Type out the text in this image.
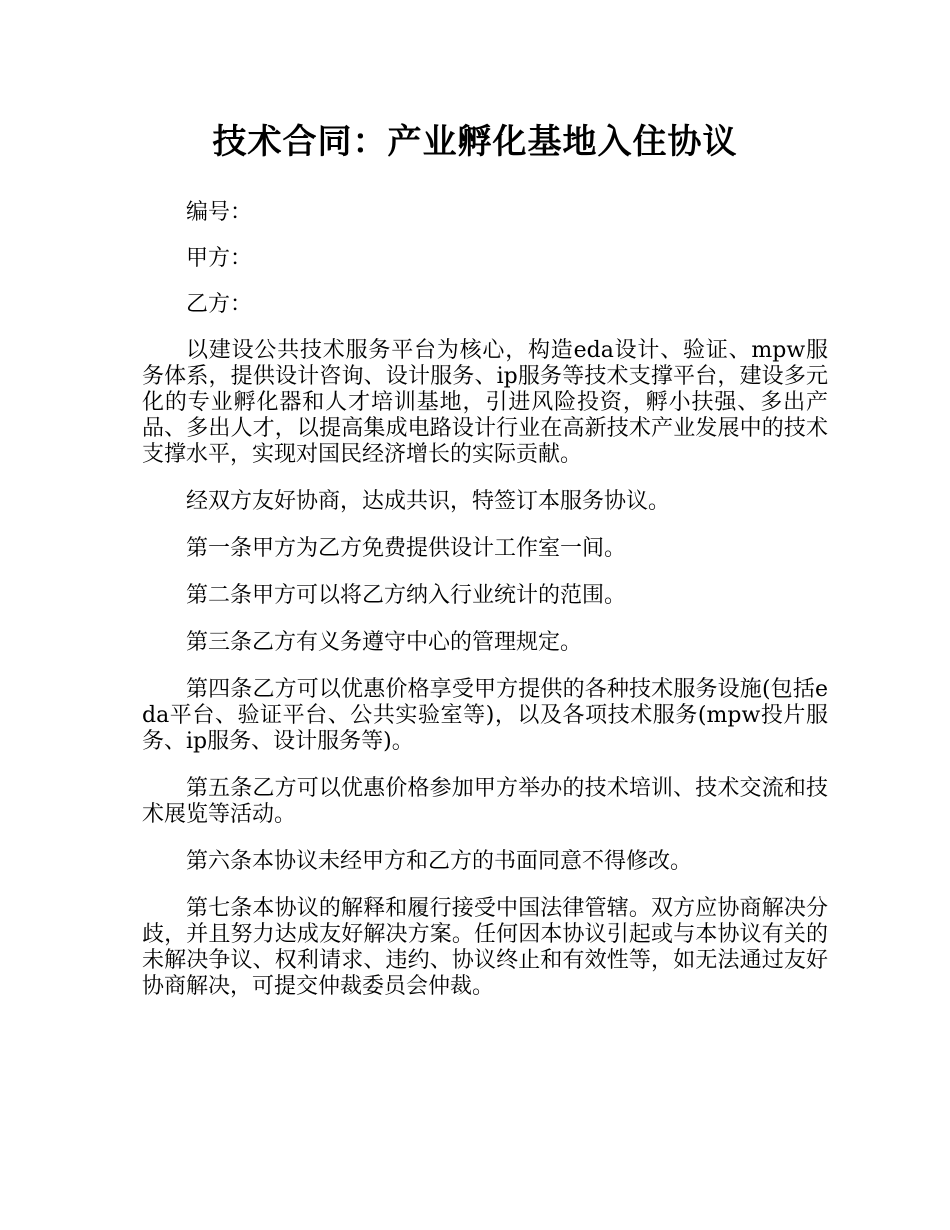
技术合同：产业孵化基地入住协议

编号：

甲方：

乙方：

以建设公共技术服务平台为核心，构造eda设计、验证、mpw服务体系，提供设计咨询、设计服务、ip服务等技术支撑平台，建设多元化的专业孵化器和人才培训基地，引进风险投资，孵小扶强、多出产品、多出人才，以提高集成电路设计行业在高新技术产业发展中的技术支撑水平，实现对国民经济增长的实际贡献。

经双方友好协商，达成共识，特签订本服务协议。

第一条甲方为乙方免费提供设计工作室一间。

第二条甲方可以将乙方纳入行业统计的范围。

第三条乙方有义务遵守中心的管理规定。

第四条乙方可以优惠价格享受甲方提供的各种技术服务设施(包括eda平台、验证平台、公共实验室等)，以及各项技术服务(mpw投片服务、ip服务、设计服务等)。

第五条乙方可以优惠价格参加甲方举办的技术培训、技术交流和技术展览等活动。

第六条本协议未经甲方和乙方的书面同意不得修改。

第七条本协议的解释和履行接受中国法律管辖。双方应协商解决分歧，并且努力达成友好解决方案。任何因本协议引起或与本协议有关的未解决争议、权利请求、违约、协议终止和有效性等，如无法通过友好协商解决，可提交仲裁委员会仲裁。
